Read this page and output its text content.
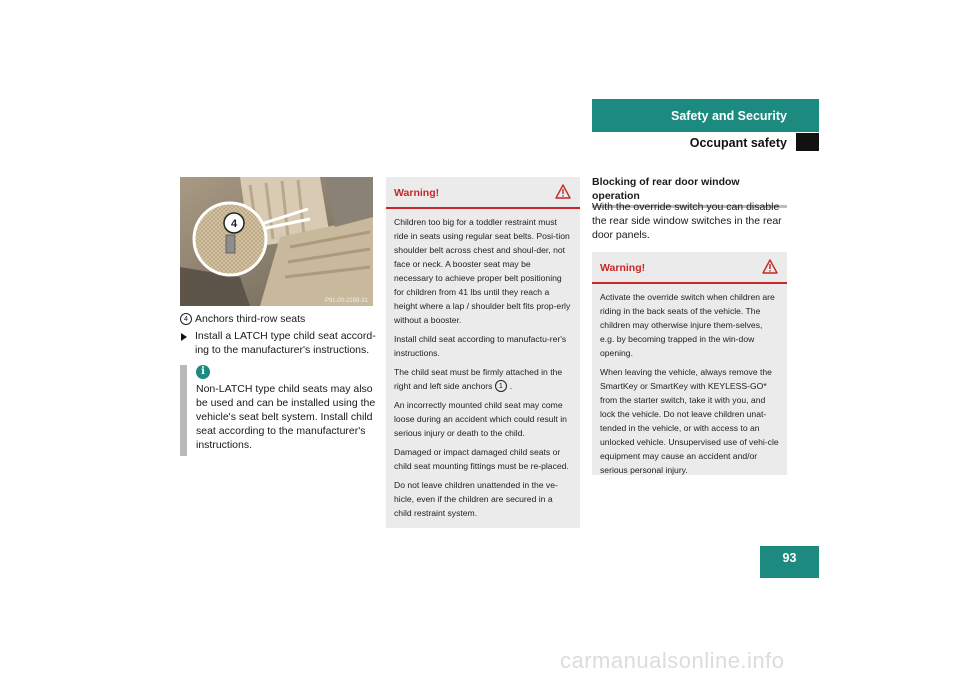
Safety and Security
Occupant safety
4
P91.00-2188-31
4 Anchors third-row seats
Install a LATCH type child seat accord-ing to the manufacturer's instructions.
i

Non-LATCH type child seats may also be used and can be installed using the vehicle's seat belt system. Install child seat according to the manufacturer's instructions.

Warning!

Children too big for a toddler restraint must ride in seats using regular seat belts. Posi-tion shoulder belt across chest and shoul-der, not face or neck. A booster seat may be necessary to achieve proper belt positioning for children from 41 lbs until they reach a height where a lap / shoulder belt fits prop-erly without a booster.

Install child seat according to manufactu-rer's instructions.

The child seat must be firmly attached in the right and left side anchors 1 .

An incorrectly mounted child seat may come loose during an accident which could result in serious injury or death to the child.

Damaged or impact damaged child seats or child seat mounting fittings must be re-placed.

Do not leave children unattended in the ve-hicle, even if the children are secured in a child restraint system.

Blocking of rear door window operation

With the override switch you can disable the rear side window switches in the rear door panels.

Warning!

Activate the override switch when children are riding in the back seats of the vehicle. The children may otherwise injure them-selves, e.g. by becoming trapped in the win-dow opening.

When leaving the vehicle, always remove the SmartKey or SmartKey with KEYLESS-GO* from the starter switch, take it with you, and lock the vehicle. Do not leave children unat-tended in the vehicle, or with access to an unlocked vehicle. Unsupervised use of vehi-cle equipment may cause an accident and/or serious personal injury.

93
carmanualsonline.info
